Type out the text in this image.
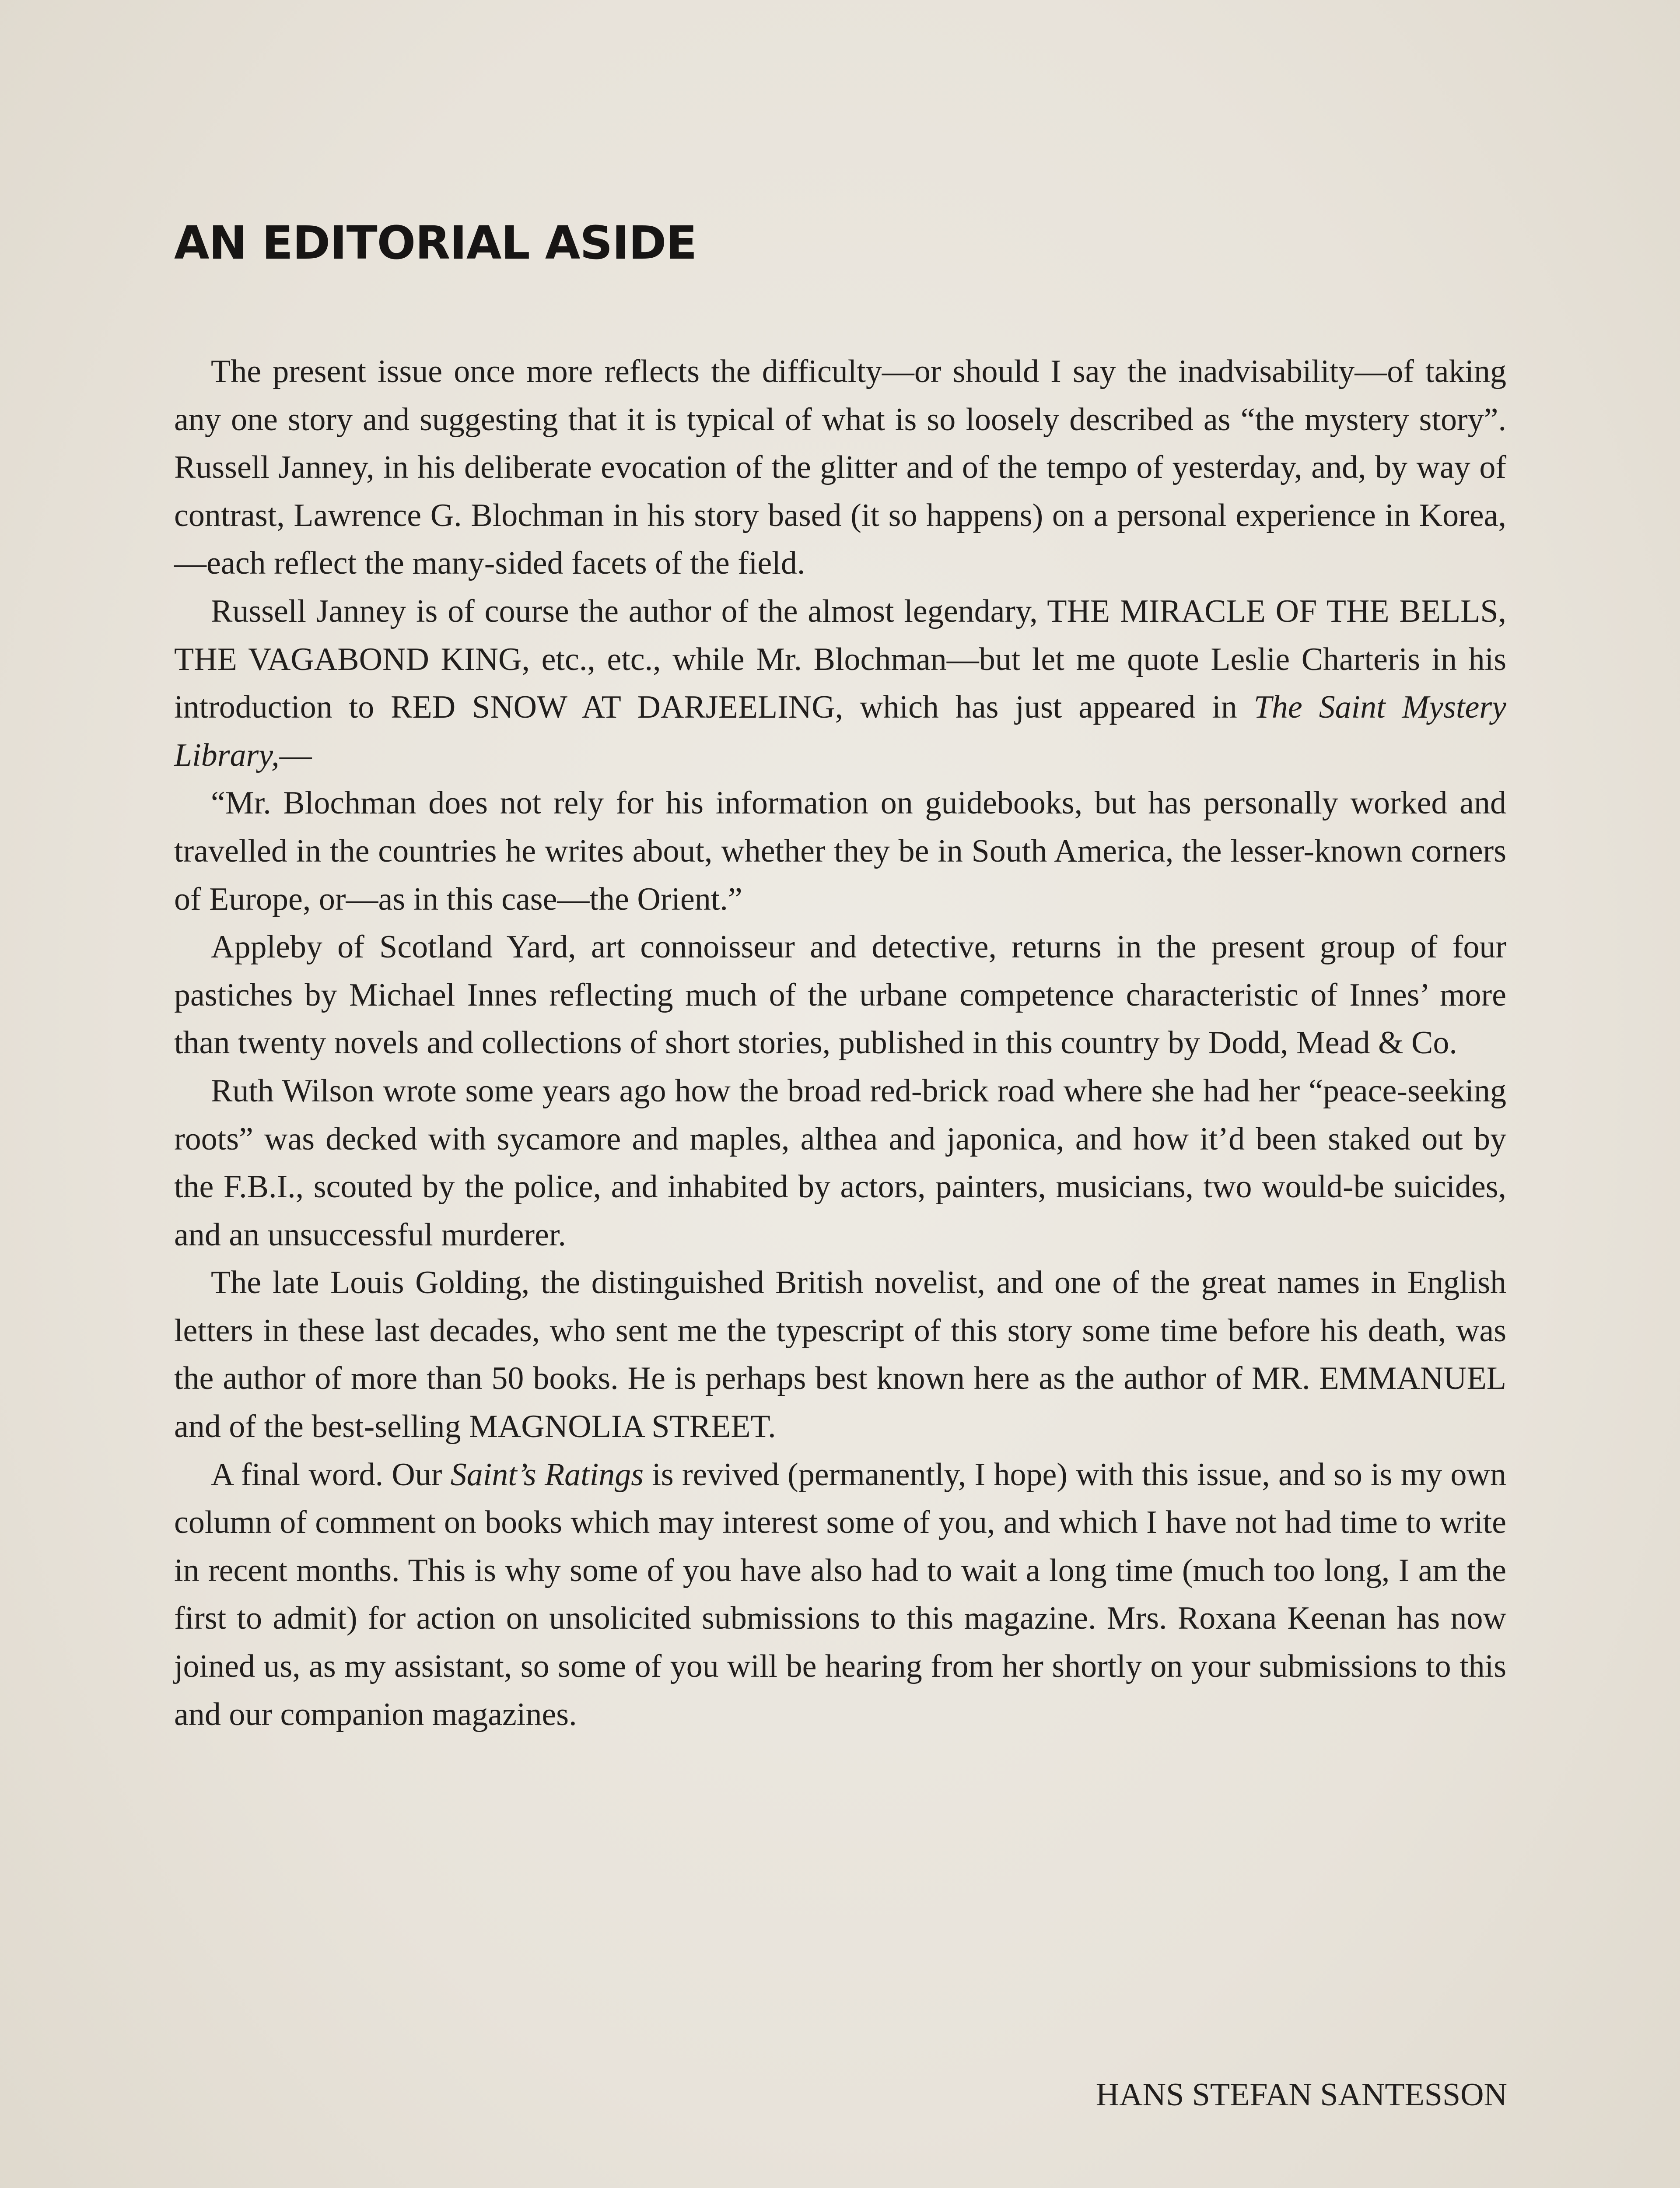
AN EDITORIAL ASIDE

The present issue once more reflects the difficulty—or should I say the inadvisability—of taking any one story and suggesting that it is typical of what is so loosely described as “the mystery story”. Russell Janney, in his deliberate evocation of the glitter and of the tempo of yesterday, and, by way of contrast, Lawrence G. Blochman in his story based (it so happens) on a personal experience in Korea, —each reflect the many-sided facets of the field.

Russell Janney is of course the author of the almost legendary, THE MIRACLE OF THE BELLS, THE VAGABOND KING, etc., etc., while Mr. Blochman—but let me quote Leslie Charteris in his introduction to RED SNOW AT DARJEELING, which has just appeared in The Saint Mystery Library,—

“Mr. Blochman does not rely for his information on guidebooks, but has personally worked and travelled in the countries he writes about, whether they be in South America, the lesser-known corners of Europe, or—as in this case—the Orient.”

Appleby of Scotland Yard, art connoisseur and detective, returns in the present group of four pastiches by Michael Innes reflecting much of the urbane competence characteristic of Innes’ more than twenty novels and collections of short stories, published in this country by Dodd, Mead & Co.

Ruth Wilson wrote some years ago how the broad red-brick road where she had her “peace-seeking roots” was decked with sycamore and maples, althea and japonica, and how it’d been staked out by the F.B.I., scouted by the police, and inhabited by actors, painters, musicians, two would-be suicides, and an unsuccessful murderer.

The late Louis Golding, the distinguished British novelist, and one of the great names in English letters in these last decades, who sent me the typescript of this story some time before his death, was the author of more than 50 books. He is perhaps best known here as the author of MR. EMMANUEL and of the best-selling MAGNOLIA STREET.

A final word. Our Saint’s Ratings is revived (permanently, I hope) with this issue, and so is my own column of comment on books which may interest some of you, and which I have not had time to write in recent months. This is why some of you have also had to wait a long time (much too long, I am the first to admit) for action on unsolicited submissions to this magazine. Mrs. Roxana Keenan has now joined us, as my assistant, so some of you will be hearing from her shortly on your submissions to this and our companion magazines.

HANS STEFAN SANTESSON
